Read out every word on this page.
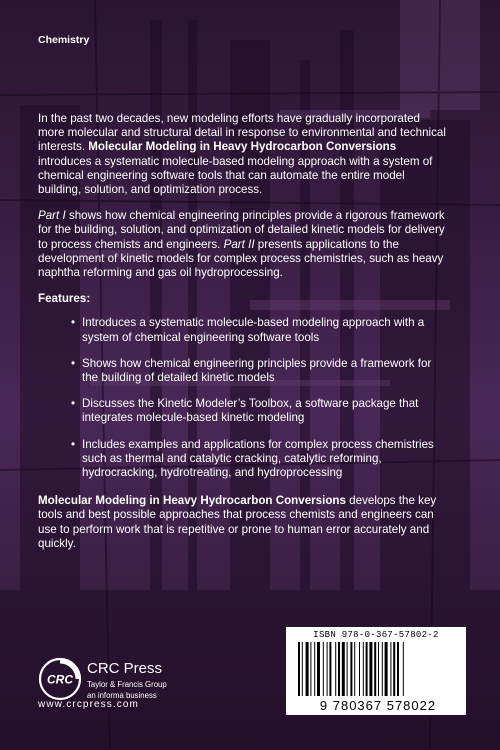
Chemistry

In the past two decades, new modeling efforts have gradually incorporated more molecular and structural detail in response to environmental and technical interests. Molecular Modeling in Heavy Hydrocarbon Conversions introduces a systematic molecule-based modeling approach with a system of chemical engineering software tools that can automate the entire model building, solution, and optimization process.

Part I shows how chemical engineering principles provide a rigorous framework for the building, solution, and optimization of detailed kinetic models for delivery to process chemists and engineers. Part II presents applications to the development of kinetic models for complex process chemistries, such as heavy naphtha reforming and gas oil hydroprocessing.

Features:
• Introduces a systematic molecule-based modeling approach with a system of chemical engineering software tools
• Shows how chemical engineering principles provide a framework for the building of detailed kinetic models
• Discusses the Kinetic Modeler’s Toolbox, a software package that integrates molecule-based kinetic modeling
• Includes examples and applications for complex process chemistries such as thermal and catalytic cracking, catalytic reforming, hydrocracking, hydrotreating, and hydroprocessing

Molecular Modeling in Heavy Hydrocarbon Conversions develops the key tools and best possible approaches that process chemists and engineers can use to perform work that is repetitive or prone to human error accurately and quickly.

ISBN 978-0-367-57802-2
9 780367 578022
CRC
CRC Press
Taylor & Francis Group
an informa business
www.crcpress.com
